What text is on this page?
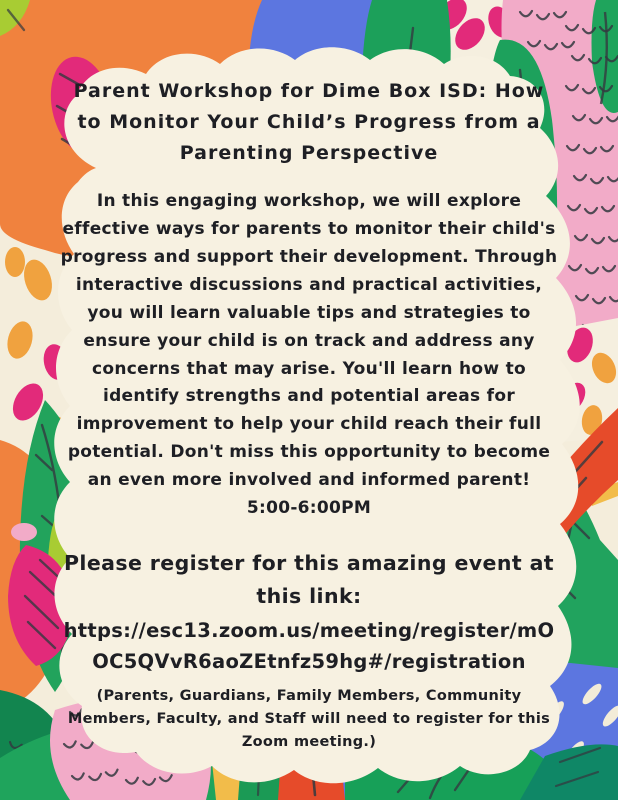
Parent Workshop for Dime Box ISD: How to Monitor Your Child’s Progress from a Parenting Perspective
In this engaging workshop, we will explore effective ways for parents to monitor their child's progress and support their development. Through interactive discussions and practical activities, you will learn valuable tips and strategies to ensure your child is on track and address any concerns that may arise. You'll learn how to identify strengths and potential areas for improvement to help your child reach their full potential. Don't miss this opportunity to become an even more involved and informed parent! 5:00-6:00PM
Please register for this amazing event at this link:
https://esc13.zoom.us/meeting/register/mOOC5QVvR6aoZEtnfz59hg#/registration
(Parents, Guardians, Family Members, Community Members, Faculty, and Staff will need to register for this Zoom meeting.)
